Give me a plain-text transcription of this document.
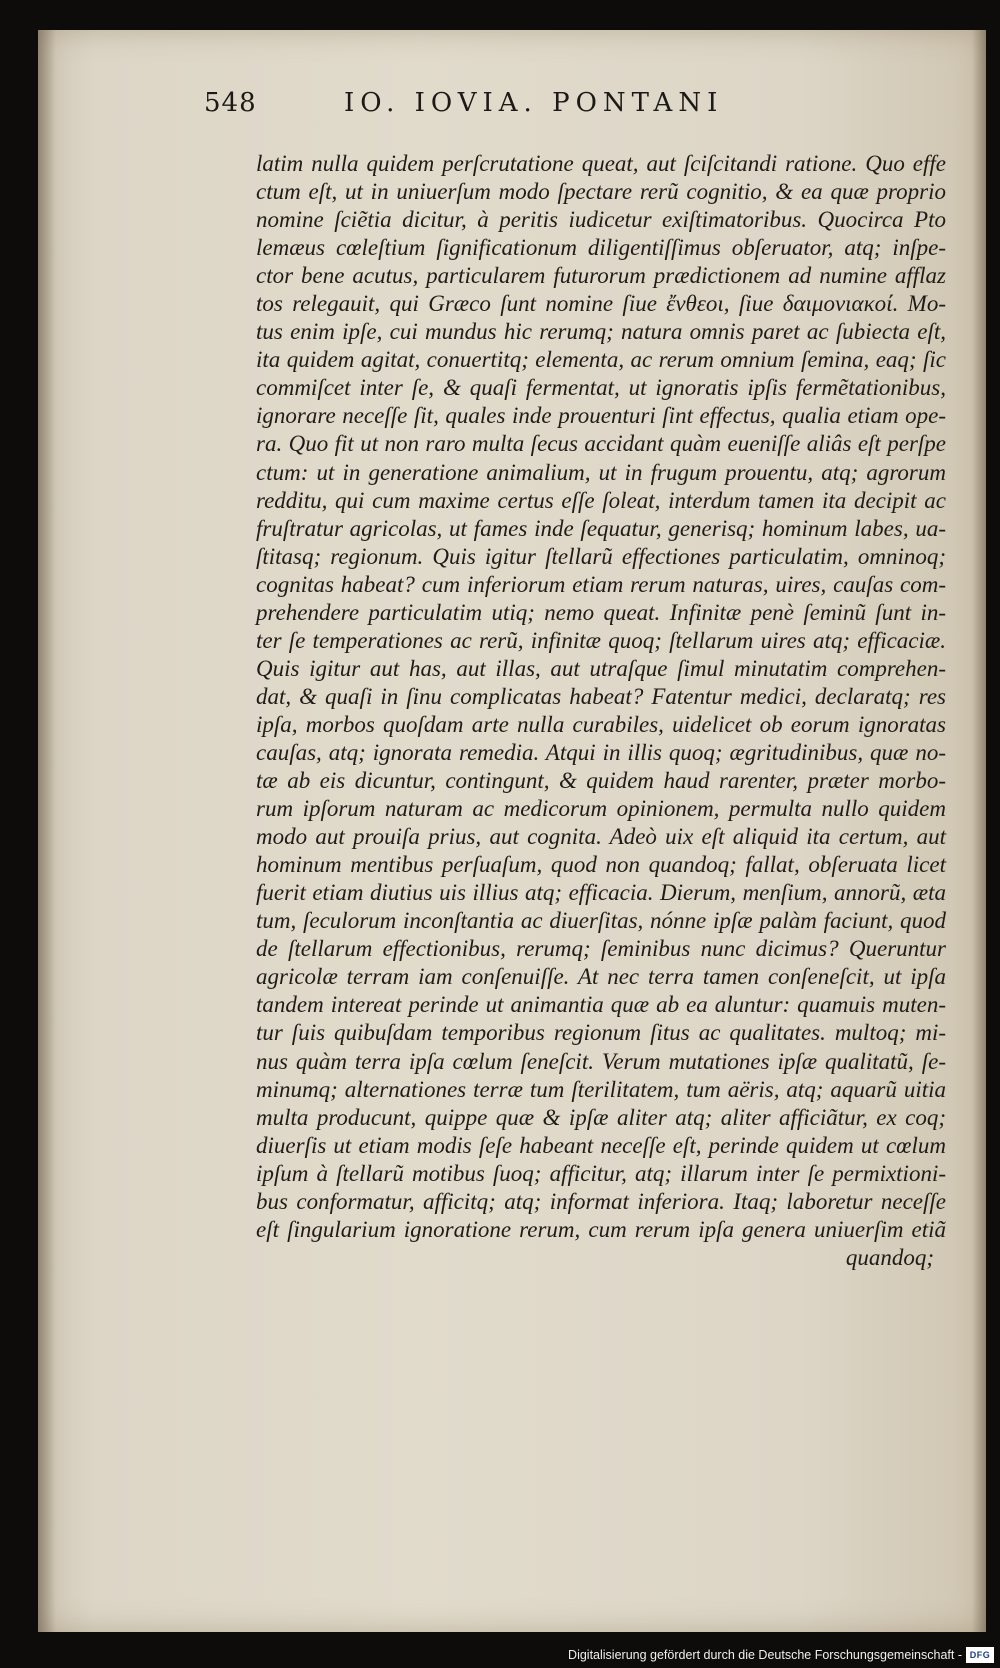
548	IO. IOVIA. PONTANI
latim nulla quidem perſcrutatione queat, aut ſciſcitandi ratione. Quo effe
ctum eſt, ut in uniuerſum modo ſpectare rerũ cognitio, & ea quæ proprio
nomine ſciẽtia dicitur, à peritis iudicetur exiſtimatoribus. Quocirca Pto
lemæus cœleſtium ſignificationum diligentiſſimus obſeruator, atq; inſpe-
ctor bene acutus, particularem futurorum prædictionem ad numine afflaz
tos relegauit, qui Græco ſunt nomine ſiue ἔνθεοι, ſiue δαιμονιακοί. Mo-
tus enim ipſe, cui mundus hic rerumq; natura omnis paret ac ſubiecta eſt,
ita quidem agitat, conuertitq; elementa, ac rerum omnium ſemina, eaq; ſic
commiſcet inter ſe, & quaſi fermentat, ut ignoratis ipſis fermẽtationibus,
ignorare neceſſe ſit, quales inde prouenturi ſint effectus, qualia etiam ope-
ra. Quo fit ut non raro multa ſecus accidant quàm eueniſſe aliâs eſt perſpe
ctum: ut in generatione animalium, ut in frugum prouentu, atq; agrorum
redditu, qui cum maxime certus eſſe ſoleat, interdum tamen ita decipit ac
fruſtratur agricolas, ut fames inde ſequatur, generisq; hominum labes, ua-
ſtitasq; regionum. Quis igitur ſtellarũ effectiones particulatim, omninoq;
cognitas habeat? cum inferiorum etiam rerum naturas, uires, cauſas com-
prehendere particulatim utiq; nemo queat. Infinitæ penè ſeminũ ſunt in-
ter ſe temperationes ac rerũ, infinitæ quoq; ſtellarum uires atq; efficaciæ.
Quis igitur aut has, aut illas, aut utraſque ſimul minutatim comprehen-
dat, & quaſi in ſinu complicatas habeat? Fatentur medici, declaratq; res
ipſa, morbos quoſdam arte nulla curabiles, uidelicet ob eorum ignoratas
cauſas, atq; ignorata remedia. Atqui in illis quoq; ægritudinibus, quæ no-
tæ ab eis dicuntur, contingunt, & quidem haud rarenter, præter morbo-
rum ipſorum naturam ac medicorum opinionem, permulta nullo quidem
modo aut prouiſa prius, aut cognita. Adeò uix eſt aliquid ita certum, aut
hominum mentibus perſuaſum, quod non quandoq; fallat, obſeruata licet
fuerit etiam diutius uis illius atq; efficacia. Dierum, menſium, annorũ, æta
tum, ſeculorum inconſtantia ac diuerſitas, nónne ipſæ palàm faciunt, quod
de ſtellarum effectionibus, rerumq; ſeminibus nunc dicimus? Queruntur
agricolæ terram iam conſenuiſſe. At nec terra tamen conſeneſcit, ut ipſa
tandem intereat perinde ut animantia quæ ab ea aluntur: quamuis muten-
tur ſuis quibuſdam temporibus regionum ſitus ac qualitates. multoq; mi-
nus quàm terra ipſa cœlum ſeneſcit. Verum mutationes ipſæ qualitatũ, ſe-
minumq; alternationes terræ tum ſterilitatem, tum aëris, atq; aquarũ uitia
multa producunt, quippe quæ & ipſæ aliter atq; aliter afficiãtur, ex coq;
diuerſis ut etiam modis ſeſe habeant neceſſe eſt, perinde quidem ut cœlum
ipſum à ſtellarũ motibus ſuoq; afficitur, atq; illarum inter ſe permixtioni-
bus conformatur, afficitq; atq; informat inferiora. Itaq; laboretur neceſſe
eſt ſingularium ignoratione rerum, cum rerum ipſa genera uniuerſim etiã
quandoq;
Digitalisierung gefördert durch die Deutsche Forschungsgemeinschaft - DFG
